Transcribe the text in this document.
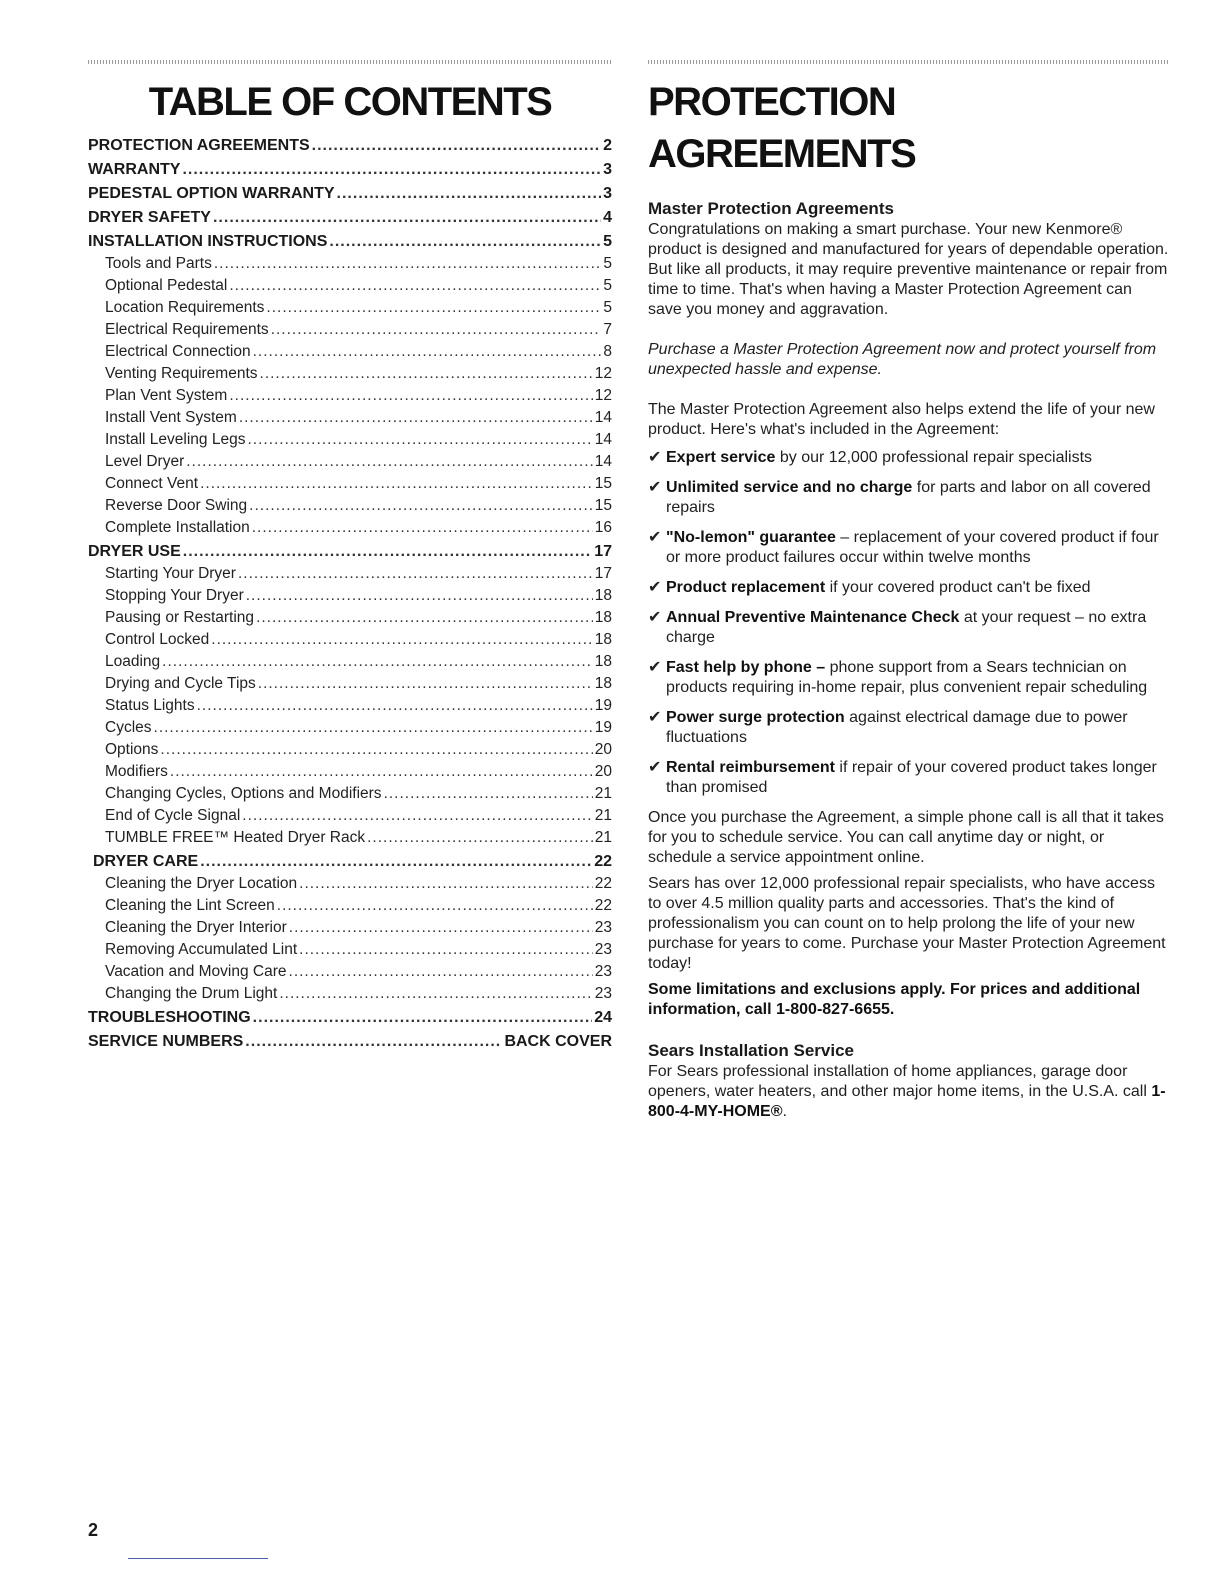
TABLE OF CONTENTS
PROTECTION AGREEMENTS .....	2
WARRANTY .....	3
PEDESTAL OPTION WARRANTY .....	3
DRYER SAFETY .....	4
INSTALLATION INSTRUCTIONS .....	5
Tools and Parts .....	5
Optional Pedestal .....	5
Location Requirements .....	5
Electrical Requirements .....	7
Electrical Connection .....	8
Venting Requirements .....	12
Plan Vent System .....	12
Install Vent System .....	14
Install Leveling Legs .....	14
Level Dryer .....	14
Connect Vent .....	15
Reverse Door Swing .....	15
Complete Installation .....	16
DRYER USE .....	17
Starting Your Dryer .....	17
Stopping Your Dryer .....	18
Pausing or Restarting .....	18
Control Locked .....	18
Loading .....	18
Drying and Cycle Tips .....	18
Status Lights .....	19
Cycles .....	19
Options .....	20
Modifiers .....	20
Changing Cycles, Options and Modifiers .....	21
End of Cycle Signal .....	21
TUMBLE FREE™ Heated Dryer Rack .....	21
DRYER CARE .....	22
Cleaning the Dryer Location .....	22
Cleaning the Lint Screen .....	22
Cleaning the Dryer Interior .....	23
Removing Accumulated Lint .....	23
Vacation and Moving Care .....	23
Changing the Drum Light .....	23
TROUBLESHOOTING .....	24
SERVICE NUMBERS .....	BACK COVER
PROTECTION AGREEMENTS
Master Protection Agreements

Congratulations on making a smart purchase. Your new Kenmore® product is designed and manufactured for years of dependable operation. But like all products, it may require preventive maintenance or repair from time to time. That's when having a Master Protection Agreement can save you money and aggravation.

Purchase a Master Protection Agreement now and protect yourself from unexpected hassle and expense.

The Master Protection Agreement also helps extend the life of your new product. Here's what's included in the Agreement:

✔ Expert service by our 12,000 professional repair specialists
✔ Unlimited service and no charge for parts and labor on all covered repairs
✔ "No-lemon" guarantee – replacement of your covered product if four or more product failures occur within twelve months
✔ Product replacement if your covered product can't be fixed
✔ Annual Preventive Maintenance Check at your request – no extra charge
✔ Fast help by phone – phone support from a Sears technician on products requiring in-home repair, plus convenient repair scheduling
✔ Power surge protection against electrical damage due to power fluctuations
✔ Rental reimbursement if repair of your covered product takes longer than promised

Once you purchase the Agreement, a simple phone call is all that it takes for you to schedule service. You can call anytime day or night, or schedule a service appointment online.

Sears has over 12,000 professional repair specialists, who have access to over 4.5 million quality parts and accessories. That's the kind of professionalism you can count on to help prolong the life of your new purchase for years to come. Purchase your Master Protection Agreement today!

Some limitations and exclusions apply. For prices and additional information, call 1-800-827-6655.

Sears Installation Service

For Sears professional installation of home appliances, garage door openers, water heaters, and other major home items, in the U.S.A. call 1-800-4-MY-HOME®.

2
